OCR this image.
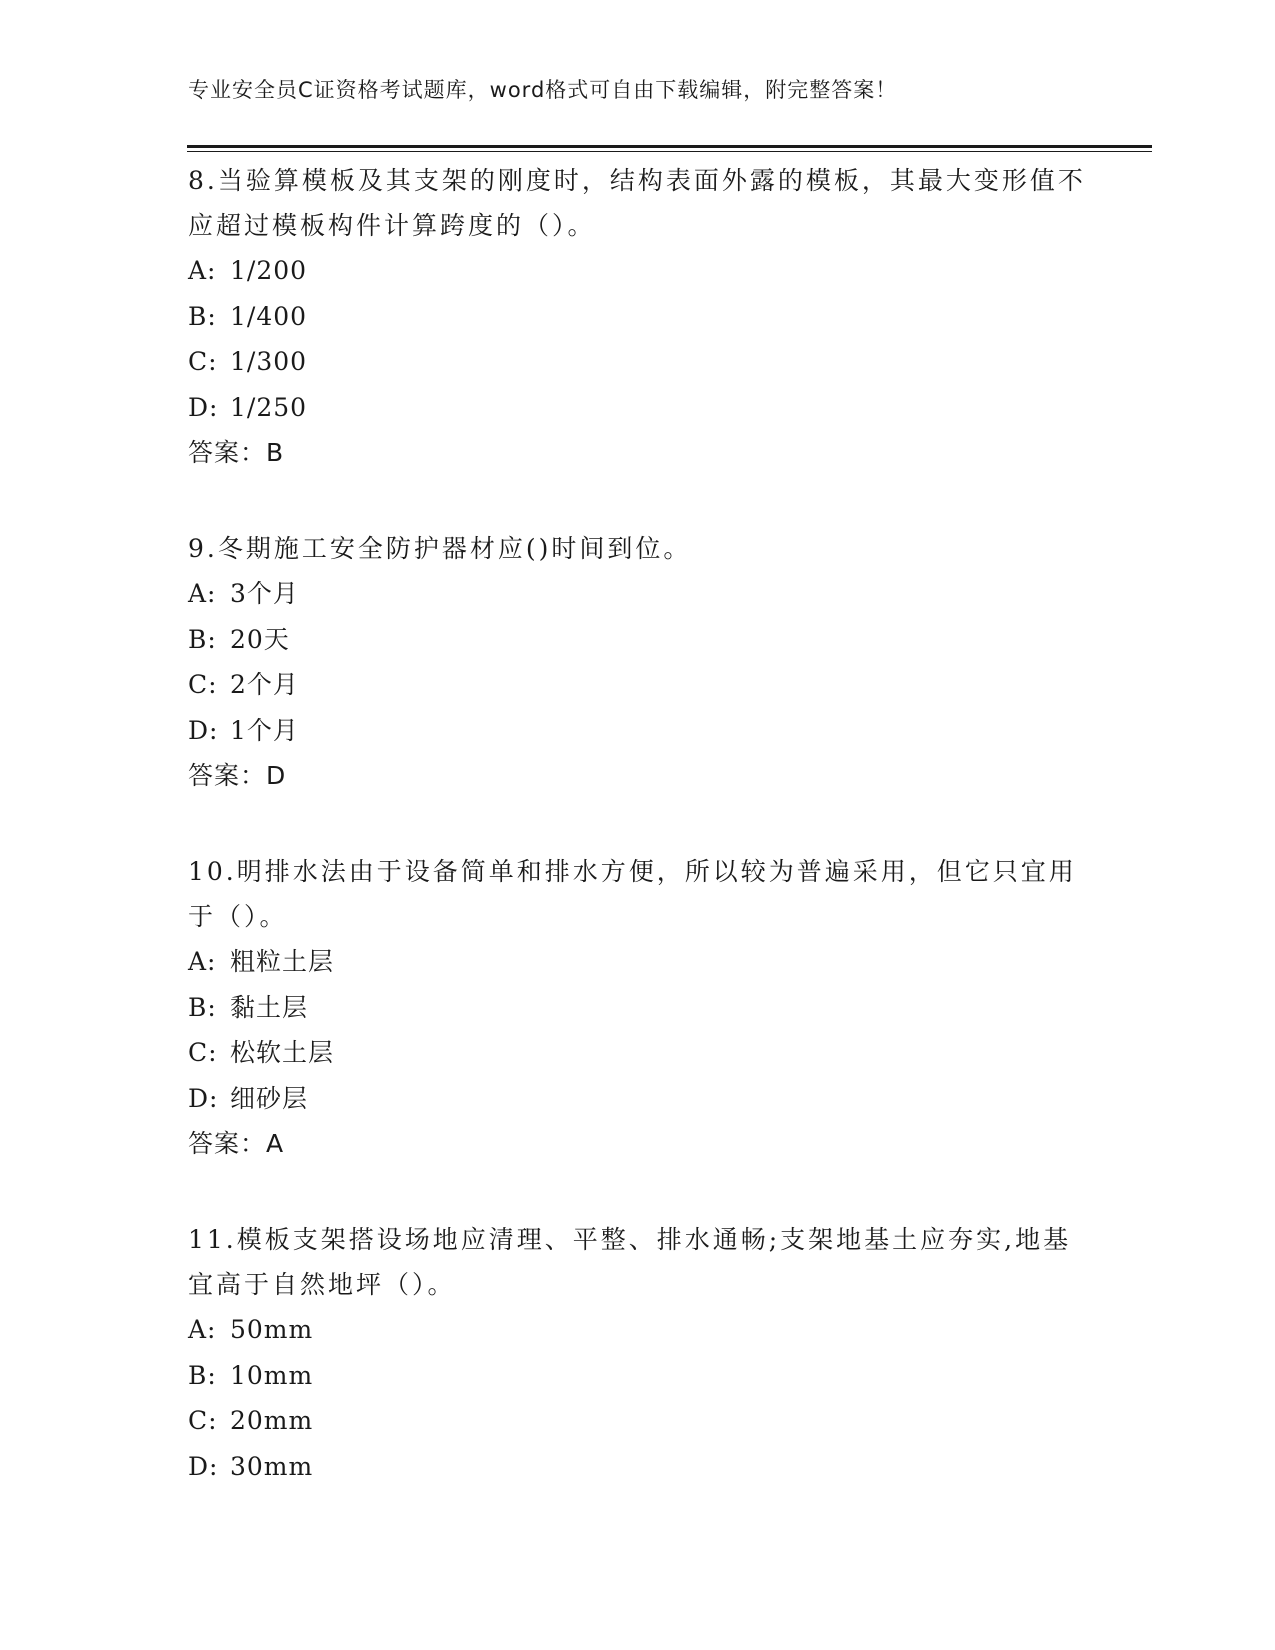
专业安全员C证资格考试题库，word格式可自由下载编辑，附完整答案！

8.当验算模板及其支架的刚度时，结构表面外露的模板，其最大变形值不应超过模板构件计算跨度的（）。

A: 1/200

B: 1/400

C: 1/300

D: 1/250

答案：B

9.冬期施工安全防护器材应()时间到位。

A: 3个月

B: 20天

C: 2个月

D: 1个月

答案：D

10.明排水法由于设备简单和排水方便，所以较为普遍采用，但它只宜用于（）。

A: 粗粒土层

B: 黏土层

C: 松软土层

D: 细砂层

答案：A

11.模板支架搭设场地应清理、平整、排水通畅;支架地基土应夯实,地基宜高于自然地坪（）。

A: 50mm

B: 10mm

C: 20mm

D: 30mm
